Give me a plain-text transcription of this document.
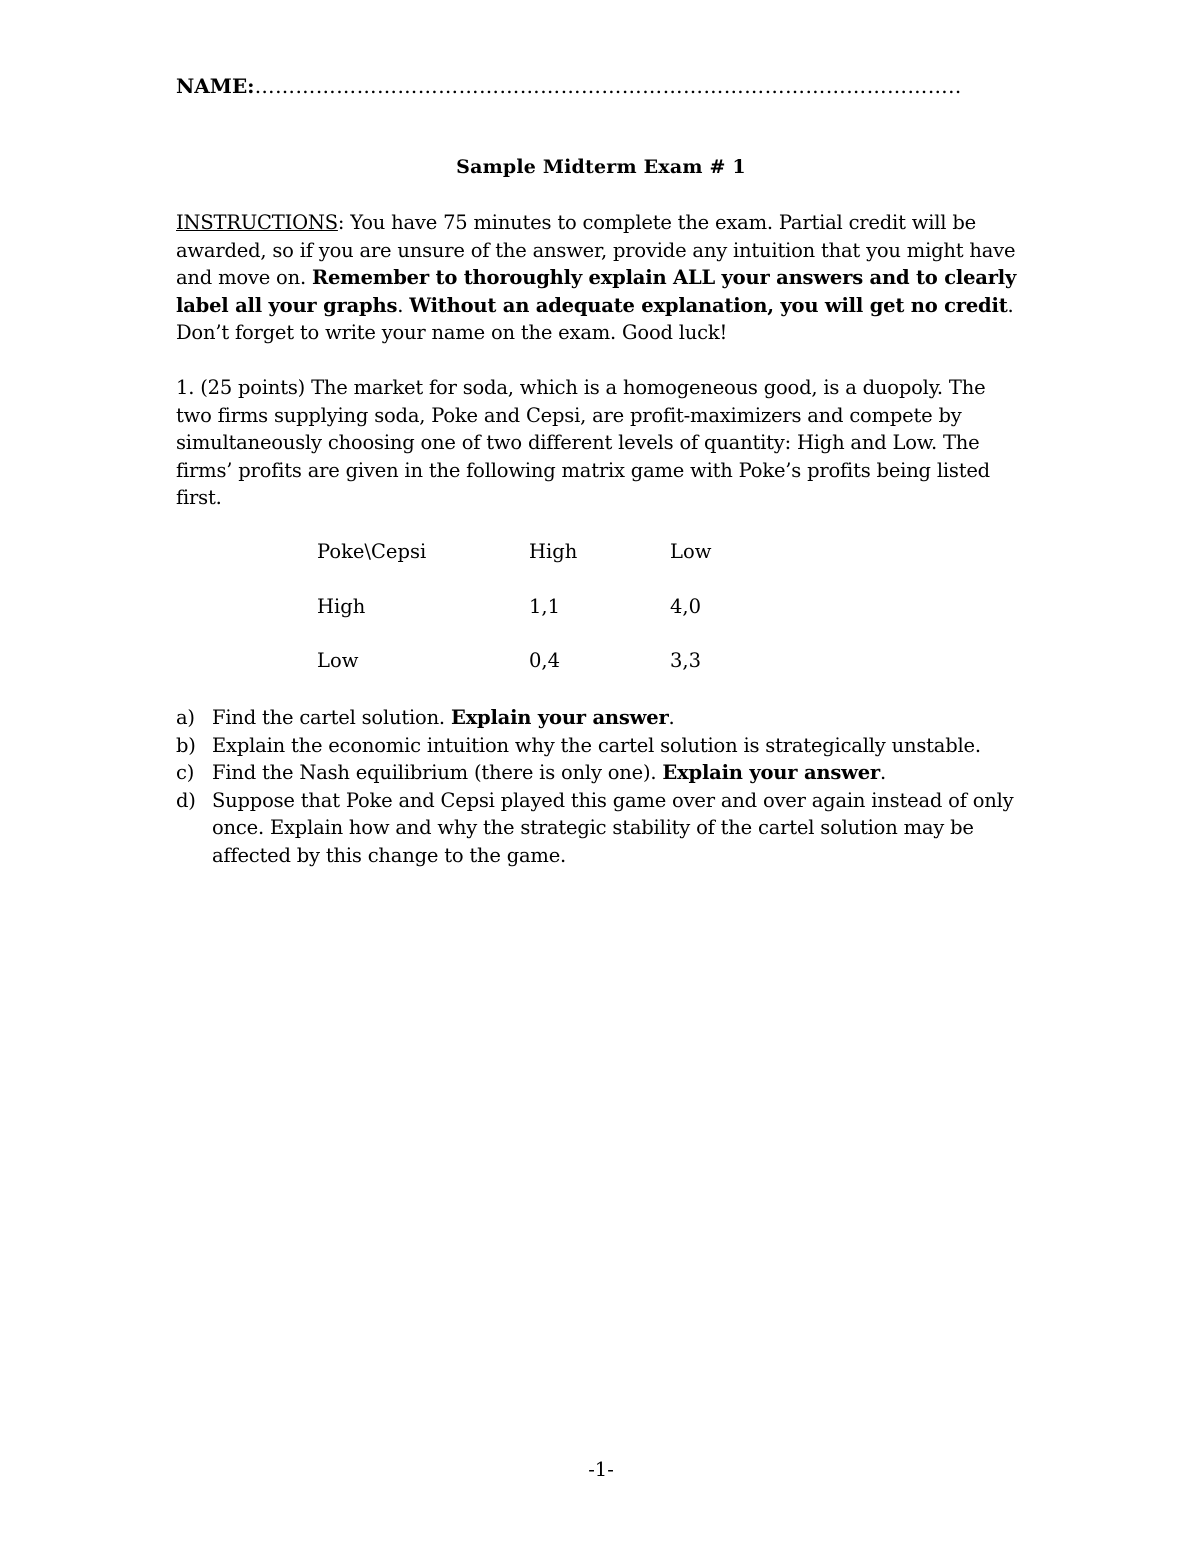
NAME:…………………………………………………………………………………………..
Sample Midterm Exam # 1
INSTRUCTIONS: You have 75 minutes to complete the exam. Partial credit will be awarded, so if you are unsure of the answer, provide any intuition that you might have and move on. Remember to thoroughly explain ALL your answers and to clearly label all your graphs. Without an adequate explanation, you will get no credit. Don’t forget to write your name on the exam. Good luck!
1. (25 points) The market for soda, which is a homogeneous good, is a duopoly. The two firms supplying soda, Poke and Cepsi, are profit-maximizers and compete by simultaneously choosing one of two different levels of quantity: High and Low. The firms’ profits are given in the following matrix game with Poke’s profits being listed first.
Poke\Cepsi	High	Low
High	1,1	4,0
Low	0,4	3,3
a) Find the cartel solution. Explain your answer.
b) Explain the economic intuition why the cartel solution is strategically unstable.
c) Find the Nash equilibrium (there is only one). Explain your answer.
d) Suppose that Poke and Cepsi played this game over and over again instead of only once. Explain how and why the strategic stability of the cartel solution may be affected by this change to the game.
-1-
